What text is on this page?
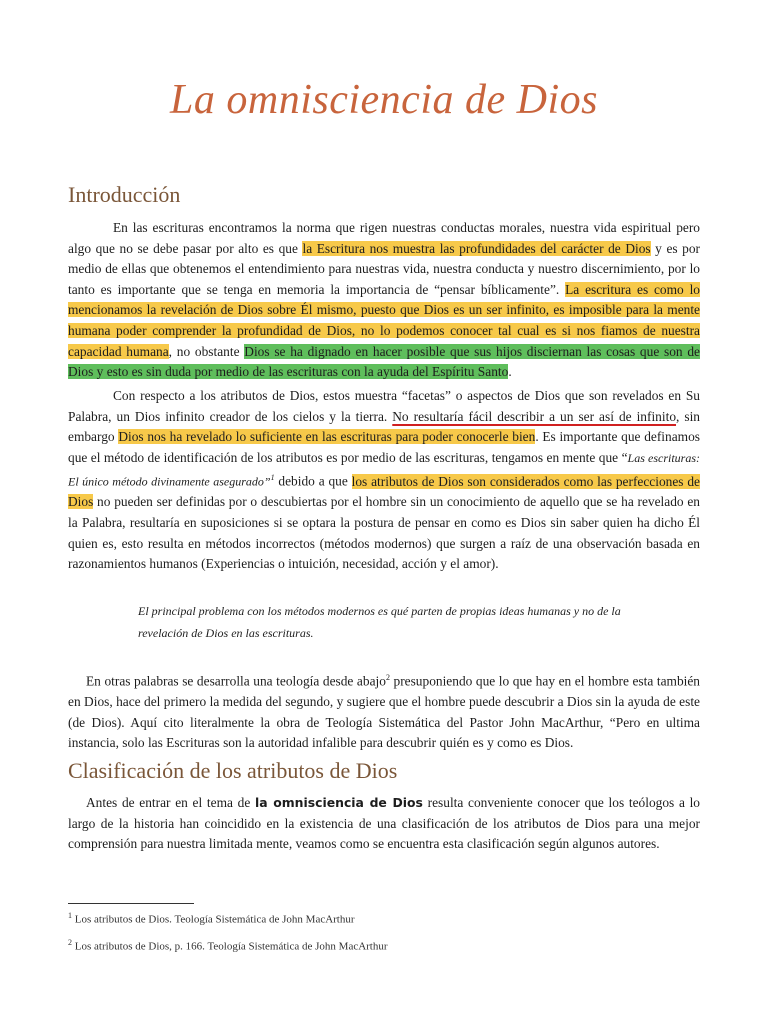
La omnisciencia de Dios
Introducción

En las escrituras encontramos la norma que rigen nuestras conductas morales, nuestra vida espiritual pero algo que no se debe pasar por alto es que la Escritura nos muestra las profundidades del carácter de Dios y es por medio de ellas que obtenemos el entendimiento para nuestras vida, nuestra conducta y nuestro discernimiento, por lo tanto es importante que se tenga en memoria la importancia de “pensar bíblicamente”. La escritura es como lo mencionamos la revelación de Dios sobre Él mismo, puesto que Dios es un ser infinito, es imposible para la mente humana poder comprender la profundidad de Dios, no lo podemos conocer tal cual es si nos fiamos de nuestra capacidad humana, no obstante Dios se ha dignado en hacer posible que sus hijos disciernan las cosas que son de Dios y esto es sin duda por medio de las escrituras con la ayuda del Espíritu Santo.

Con respecto a los atributos de Dios, estos muestra “facetas” o aspectos de Dios que son revelados en Su Palabra, un Dios infinito creador de los cielos y la tierra. No resultaría fácil describir a un ser así de infinito, sin embargo Dios nos ha revelado lo suficiente en las escrituras para poder conocerle bien. Es importante que definamos que el método de identificación de los atributos es por medio de las escrituras, tengamos en mente que “Las escrituras: El único método divinamente asegurado”$^1$ debido a que los atributos de Dios son considerados como las perfecciones de Dios no pueden ser definidas por o descubiertas por el hombre sin un conocimiento de aquello que se ha revelado en la Palabra, resultaría en suposiciones si se optara la postura de pensar en como es Dios sin saber quien ha dicho Él quien es, esto resulta en métodos incorrectos (métodos modernos) que surgen a raíz de una observación basada en razonamientos humanos (Experiencias o intuición, necesidad, acción y el amor).

El principal problema con los métodos modernos es qué parten de propias ideas humanas y no de la revelación de Dios en las escrituras.

En otras palabras se desarrolla una teología desde abajo$^2$ presuponiendo que lo que hay en el hombre esta también en Dios, hace del primero la medida del segundo, y sugiere que el hombre puede descubrir a Dios sin la ayuda de este (de Dios). Aquí cito literalmente la obra de Teología Sistemática del Pastor John MacArthur, “Pero en ultima instancia, solo las Escrituras son la autoridad infalible para descubrir quién es y como es Dios.

Clasificación de los atributos de Dios

Antes de entrar en el tema de la omnisciencia de Dios resulta conveniente conocer que los teólogos a lo largo de la historia han coincidido en la existencia de una clasificación de los atributos de Dios para una mejor comprensión para nuestra limitada mente, veamos como se encuentra esta clasificación según algunos autores.

$^1$ Los atributos de Dios. Teología Sistemática de John MacArthur
$^2$ Los atributos de Dios, p. 166. Teología Sistemática de John MacArthur
